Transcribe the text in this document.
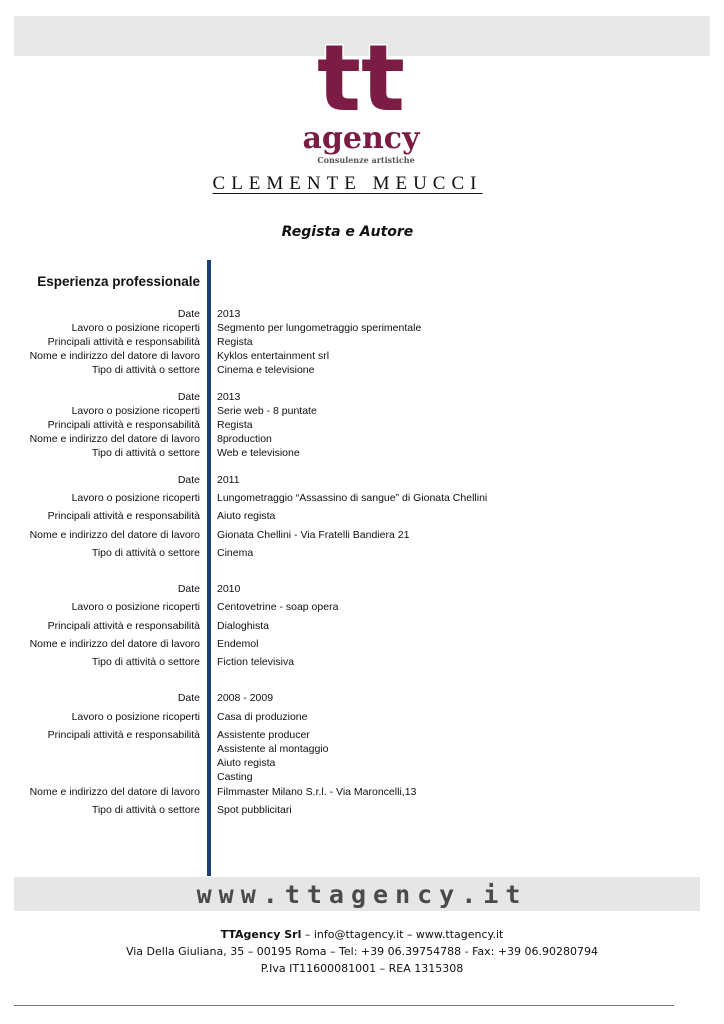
tt
agency
Consulenze artistiche
CLEMENTE MEUCCI
Regista e Autore
Esperienza professionale
Date 2013
Lavoro o posizione ricoperti Segmento per lungometraggio sperimentale
Principali attività e responsabilità Regista
Nome e indirizzo del datore di lavoro Kyklos entertainment srl
Tipo di attività o settore Cinema e televisione
Date 2013
Lavoro o posizione ricoperti Serie web - 8 puntate
Principali attività e responsabilità Regista
Nome e indirizzo del datore di lavoro 8production
Tipo di attività o settore Web e televisione
Date 2011
Lavoro o posizione ricoperti Lungometraggio “Assassino di sangue” di Gionata Chellini
Principali attività e responsabilità Aiuto regista
Nome e indirizzo del datore di lavoro Gionata Chellini - Via Fratelli Bandiera 21
Tipo di attività o settore Cinema
Date 2010
Lavoro o posizione ricoperti Centovetrine - soap opera
Principali attività e responsabilità Dialoghista
Nome e indirizzo del datore di lavoro Endemol
Tipo di attività o settore Fiction televisiva
Date 2008 - 2009
Lavoro o posizione ricoperti Casa di produzione
Principali attività e responsabilità Assistente producer
Assistente al montaggio
Aiuto regista
Casting
Nome e indirizzo del datore di lavoro Filmmaster Milano S.r.l. - Via Maroncelli,13
Tipo di attività o settore Spot pubblicitari
www.ttagency.it
TTAgency Srl – info@ttagency.it – www.ttagency.it
Via Della Giuliana, 35 – 00195 Roma – Tel: +39 06.39754788 - Fax: +39 06.90280794
P.Iva IT11600081001 – REA 1315308
